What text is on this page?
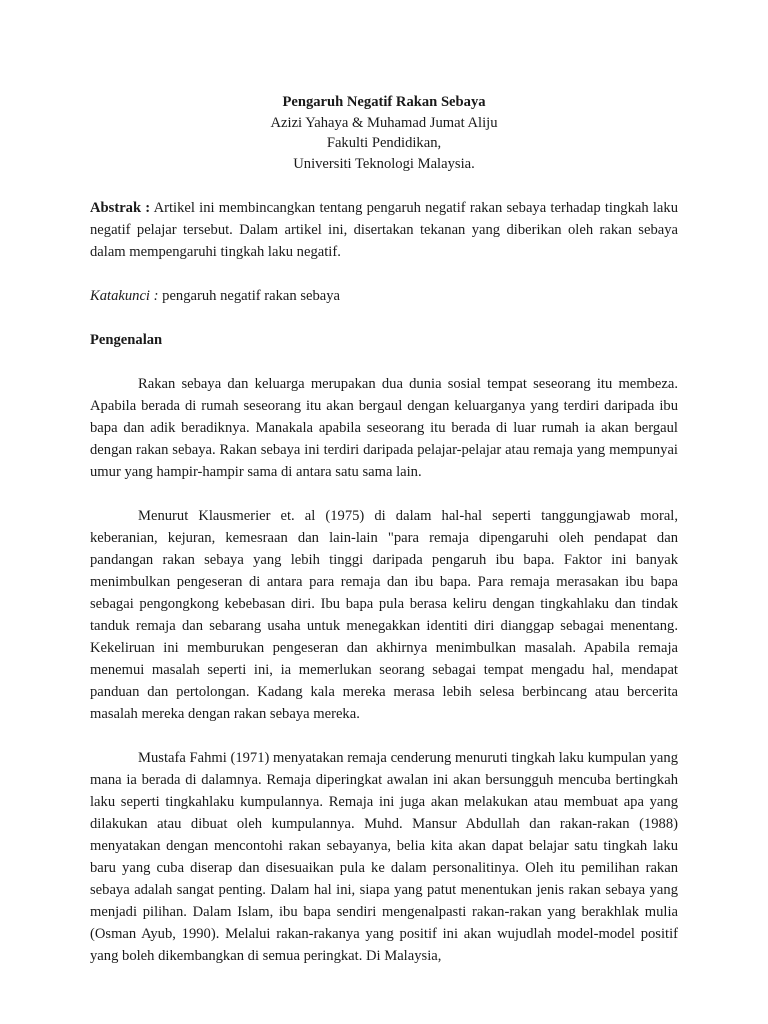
Pengaruh Negatif Rakan Sebaya
Azizi Yahaya & Muhamad Jumat Aliju
Fakulti Pendidikan,
Universiti Teknologi Malaysia.

Abstrak : Artikel ini membincangkan tentang pengaruh negatif rakan sebaya terhadap tingkah laku negatif pelajar tersebut. Dalam artikel ini, disertakan tekanan yang diberikan oleh rakan sebaya dalam mempengaruhi tingkah laku negatif.

Katakunci : pengaruh negatif rakan sebaya

Pengenalan

Rakan sebaya dan keluarga merupakan dua dunia sosial tempat seseorang itu membeza. Apabila berada di rumah seseorang itu akan bergaul dengan keluarganya yang terdiri daripada ibu bapa dan adik beradiknya. Manakala apabila seseorang itu berada di luar rumah ia akan bergaul dengan rakan sebaya. Rakan sebaya ini terdiri daripada pelajar-pelajar atau remaja yang mempunyai umur yang hampir-hampir sama di antara satu sama lain.

Menurut Klausmerier et. al (1975) di dalam hal-hal seperti tanggungjawab moral, keberanian, kejuran, kemesraan dan lain-lain "para remaja dipengaruhi oleh pendapat dan pandangan rakan sebaya yang lebih tinggi daripada pengaruh ibu bapa. Faktor ini banyak menimbulkan pengeseran di antara para remaja dan ibu bapa. Para remaja merasakan ibu bapa sebagai pengongkong kebebasan diri. Ibu bapa pula berasa keliru dengan tingkahlaku dan tindak tanduk remaja dan sebarang usaha untuk menegakkan identiti diri dianggap sebagai menentang. Kekeliruan ini memburukan pengeseran dan akhirnya menimbulkan masalah. Apabila remaja menemui masalah seperti ini, ia memerlukan seorang sebagai tempat mengadu hal, mendapat panduan dan pertolongan. Kadang kala mereka merasa lebih selesa berbincang atau bercerita masalah mereka dengan rakan sebaya mereka.

Mustafa Fahmi (1971) menyatakan remaja cenderung menuruti tingkah laku kumpulan yang mana ia berada di dalamnya. Remaja diperingkat awalan ini akan bersungguh mencuba bertingkah laku seperti tingkahlaku kumpulannya. Remaja ini juga akan melakukan atau membuat apa yang dilakukan atau dibuat oleh kumpulannya. Muhd. Mansur Abdullah dan rakan-rakan (1988) menyatakan dengan mencontohi rakan sebayanya, belia kita akan dapat belajar satu tingkah laku baru yang cuba diserap dan disesuaikan pula ke dalam personalitinya. Oleh itu pemilihan rakan sebaya adalah sangat penting. Dalam hal ini, siapa yang patut menentukan jenis rakan sebaya yang menjadi pilihan. Dalam Islam, ibu bapa sendiri mengenalpasti rakan-rakan yang berakhlak mulia (Osman Ayub, 1990). Melalui rakan-rakanya yang positif ini akan wujudlah model-model positif yang boleh dikembangkan di semua peringkat. Di Malaysia,
